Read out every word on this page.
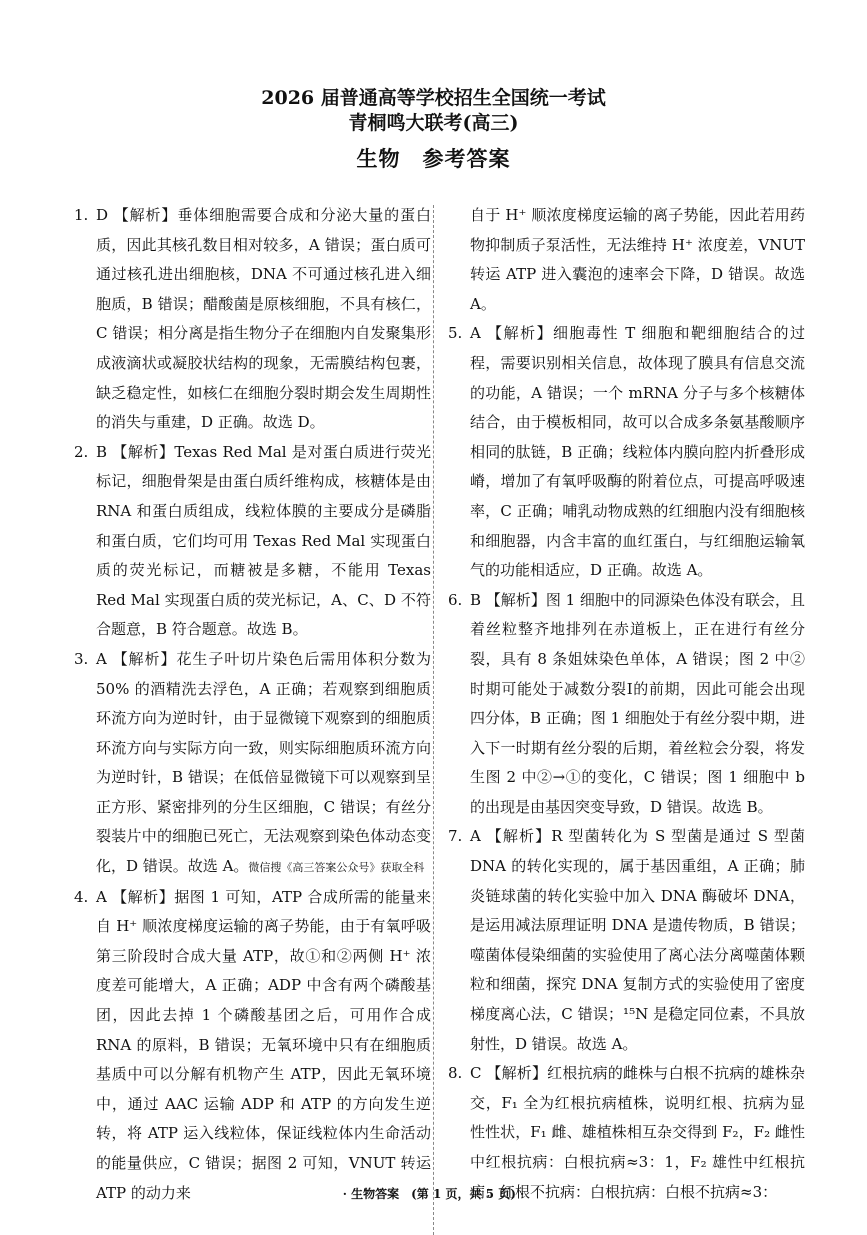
2026 届普通高等学校招生全国统一考试
青桐鸣大联考(高三)
生物　参考答案
1. D 【解析】垂体细胞需要合成和分泌大量的蛋白质，因此其核孔数目相对较多，A 错误；蛋白质可通过核孔进出细胞核，DNA 不可通过核孔进入细胞质，B 错误；醋酸菌是原核细胞，不具有核仁，C 错误；相分离是指生物分子在细胞内自发聚集形成液滴状或凝胶状结构的现象，无需膜结构包裹，缺乏稳定性，如核仁在细胞分裂时期会发生周期性的消失与重建，D 正确。故选 D。
2. B 【解析】Texas Red Mal 是对蛋白质进行荧光标记，细胞骨架是由蛋白质纤维构成，核糖体是由 RNA 和蛋白质组成，线粒体膜的主要成分是磷脂和蛋白质，它们均可用 Texas Red Mal 实现蛋白质的荧光标记，而糖被是多糖，不能用 Texas Red Mal 实现蛋白质的荧光标记，A、C、D 不符合题意，B 符合题意。故选 B。
3. A 【解析】花生子叶切片染色后需用体积分数为 50% 的酒精洗去浮色，A 正确；若观察到细胞质环流方向为逆时针，由于显微镜下观察到的细胞质环流方向与实际方向一致，则实际细胞质环流方向为逆时针，B 错误；在低倍显微镜下可以观察到呈正方形、紧密排列的分生区细胞，C 错误；有丝分裂装片中的细胞已死亡，无法观察到染色体动态变化，D 错误。故选 A。微信搜《高三答案公众号》获取全科
4. A 【解析】据图 1 可知，ATP 合成所需的能量来自 H⁺ 顺浓度梯度运输的离子势能，由于有氧呼吸第三阶段时合成大量 ATP，故①和②两侧 H⁺ 浓度差可能增大，A 正确；ADP 中含有两个磷酸基团，因此去掉 1 个磷酸基团之后，可用作合成 RNA 的原料，B 错误；无氧环境中只有在细胞质基质中可以分解有机物产生 ATP，因此无氧环境中，通过 AAC 运输 ADP 和 ATP 的方向发生逆转，将 ATP 运入线粒体，保证线粒体内生命活动的能量供应，C 错误；据图 2 可知，VNUT 转运 ATP 的动力来
自于 H⁺ 顺浓度梯度运输的离子势能，因此若用药物抑制质子泵活性，无法维持 H⁺ 浓度差，VNUT 转运 ATP 进入囊泡的速率会下降，D 错误。故选 A。
5. A 【解析】细胞毒性 T 细胞和靶细胞结合的过程，需要识别相关信息，故体现了膜具有信息交流的功能，A 错误；一个 mRNA 分子与多个核糖体结合，由于模板相同，故可以合成多条氨基酸顺序相同的肽链，B 正确；线粒体内膜向腔内折叠形成嵴，增加了有氧呼吸酶的附着位点，可提高呼吸速率，C 正确；哺乳动物成熟的红细胞内没有细胞核和细胞器，内含丰富的血红蛋白，与红细胞运输氧气的功能相适应，D 正确。故选 A。
6. B 【解析】图 1 细胞中的同源染色体没有联会，且着丝粒整齐地排列在赤道板上，正在进行有丝分裂，具有 8 条姐妹染色单体，A 错误；图 2 中②时期可能处于减数分裂Ⅰ的前期，因此可能会出现四分体，B 正确；图 1 细胞处于有丝分裂中期，进入下一时期有丝分裂的后期，着丝粒会分裂，将发生图 2 中②→①的变化，C 错误；图 1 细胞中 b 的出现是由基因突变导致，D 错误。故选 B。
7. A 【解析】R 型菌转化为 S 型菌是通过 S 型菌 DNA 的转化实现的，属于基因重组，A 正确；肺炎链球菌的转化实验中加入 DNA 酶破坏 DNA，是运用减法原理证明 DNA 是遗传物质，B 错误；噬菌体侵染细菌的实验使用了离心法分离噬菌体颗粒和细菌，探究 DNA 复制方式的实验使用了密度梯度离心法，C 错误；¹⁵N 是稳定同位素，不具放射性，D 错误。故选 A。
8. C 【解析】红根抗病的雌株与白根不抗病的雄株杂交，F₁ 全为红根抗病植株，说明红根、抗病为显性性状，F₁ 雌、雄植株相互杂交得到 F₂，F₂ 雌性中红根抗病：白根抗病≈3：1，F₂ 雄性中红根抗病：红根不抗病：白根抗病：白根不抗病≈3：
· 生物答案　(第 1 页，共 5 页) ·
